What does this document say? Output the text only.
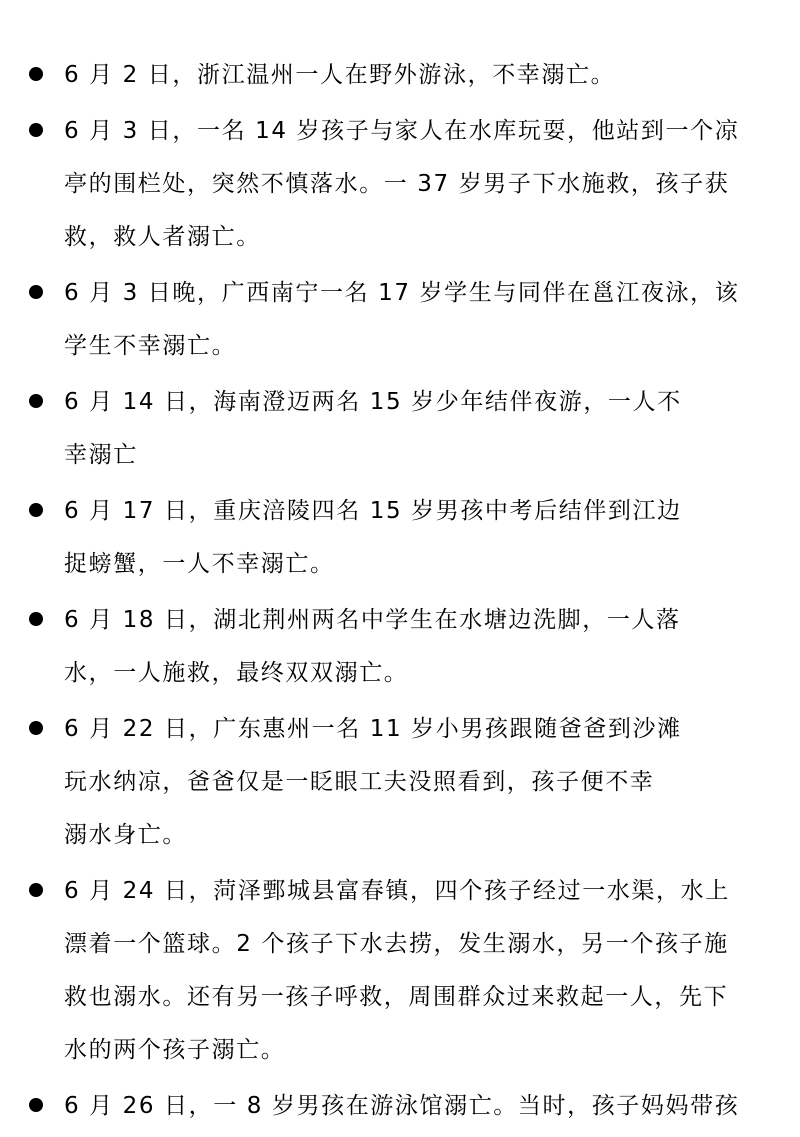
6 月 2 日，浙江温州一人在野外游泳，不幸溺亡。
6 月 3 日，一名 14 岁孩子与家人在水库玩耍，他站到一个凉
亭的围栏处，突然不慎落水。一 37 岁男子下水施救，孩子获
救，救人者溺亡。
6 月 3 日晚，广西南宁一名 17 岁学生与同伴在邕江夜泳，该
学生不幸溺亡。
6 月 14 日，海南澄迈两名 15 岁少年结伴夜游，一人不
幸溺亡
6 月 17 日，重庆涪陵四名 15 岁男孩中考后结伴到江边
捉螃蟹，一人不幸溺亡。
6 月 18 日，湖北荆州两名中学生在水塘边洗脚，一人落
水，一人施救，最终双双溺亡。
6 月 22 日，广东惠州一名 11 岁小男孩跟随爸爸到沙滩
玩水纳凉，爸爸仅是一眨眼工夫没照看到，孩子便不幸
溺水身亡。
6 月 24 日，菏泽鄄城县富春镇，四个孩子经过一水渠，水上
漂着一个篮球。2 个孩子下水去捞，发生溺水，另一个孩子施
救也溺水。还有另一孩子呼救，周围群众过来救起一人，先下
水的两个孩子溺亡。
6 月 26 日，一 8 岁男孩在游泳馆溺亡。当时，孩子妈妈带孩
